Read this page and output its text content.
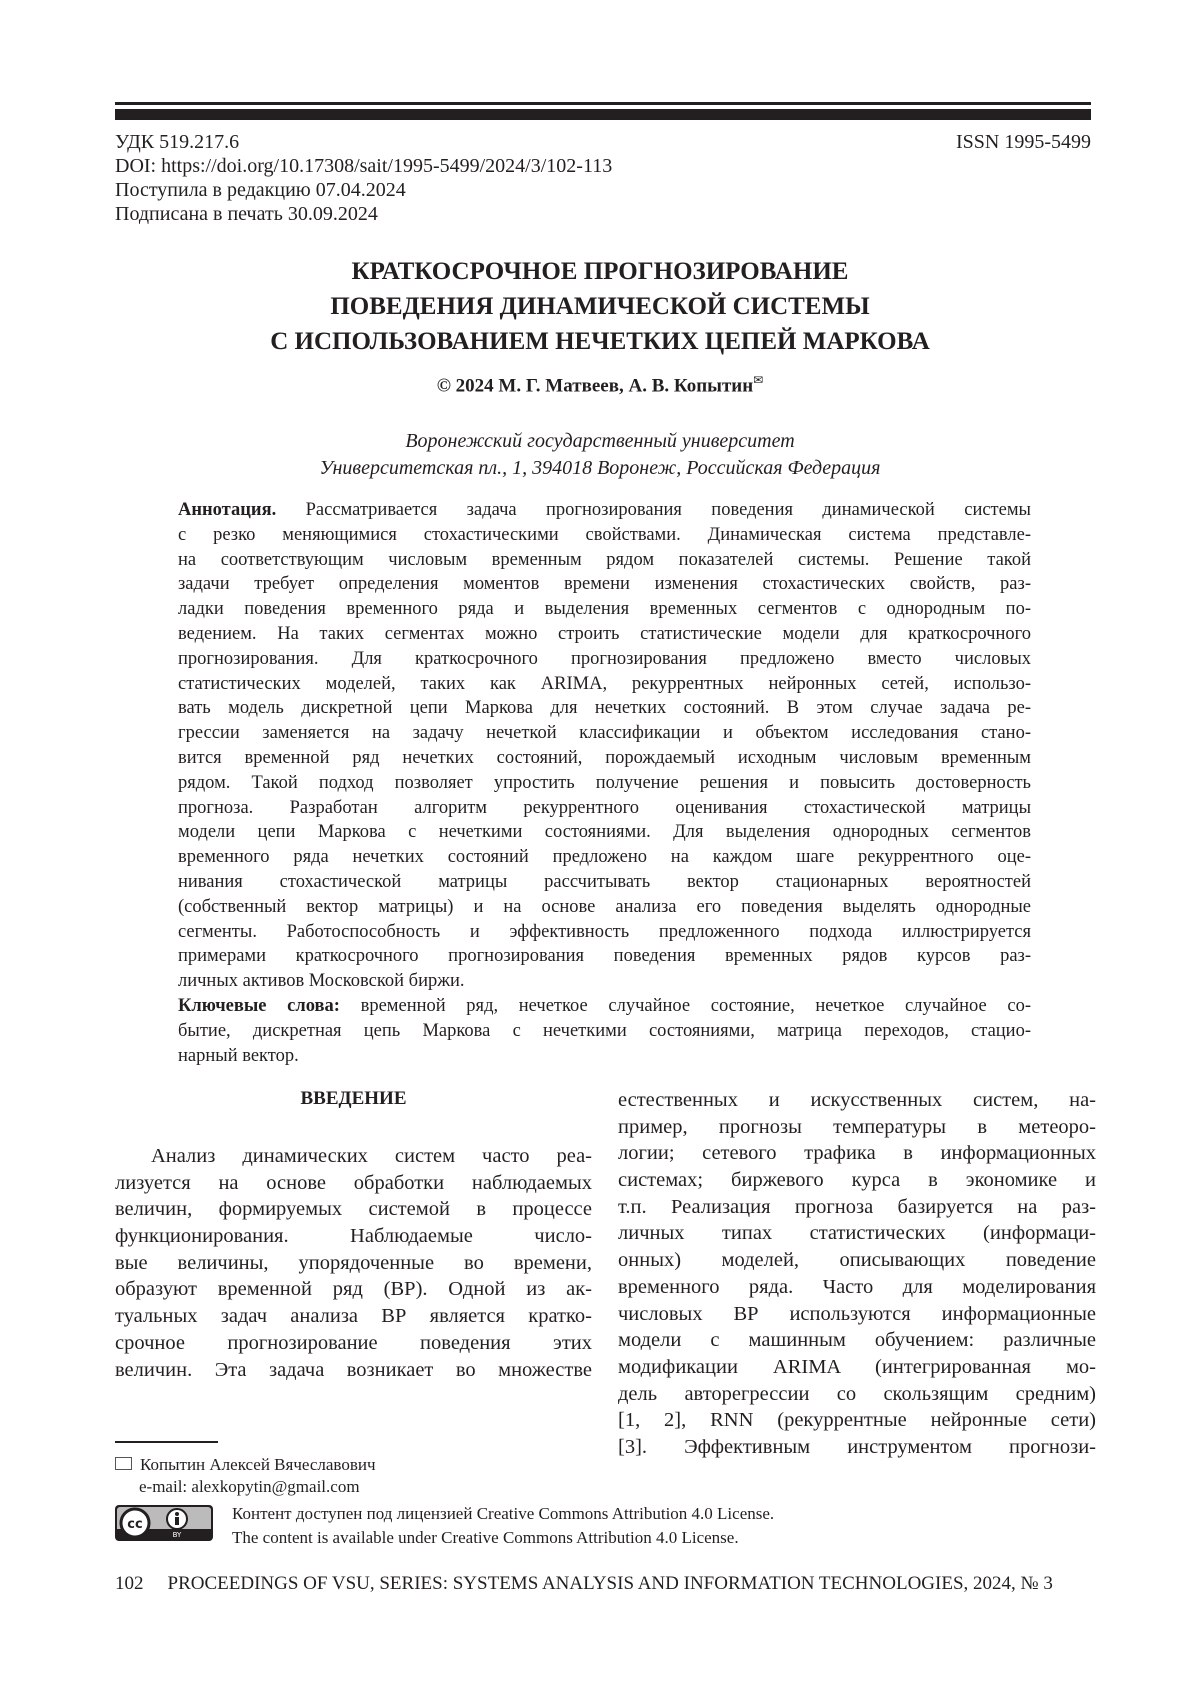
УДК 519.217.6
DOI: https://doi.org/10.17308/sait/1995-5499/2024/3/102-113
Поступила в редакцию 07.04.2024
Подписана в печать 30.09.2024
ISSN 1995-5499
КРАТКОСРОЧНОЕ ПРОГНОЗИРОВАНИЕ
ПОВЕДЕНИЯ ДИНАМИЧЕСКОЙ СИСТЕМЫ
С ИСПОЛЬЗОВАНИЕМ НЕЧЕТКИХ ЦЕПЕЙ МАРКОВА
© 2024 М. Г. Матвеев, А. В. Копытин✉
Воронежский государственный университет
Университетская пл., 1, 394018 Воронеж, Российская Федерация
Аннотация. Рассматривается задача прогнозирования поведения динамической системы
с резко меняющимися стохастическими свойствами. Динамическая система представле-
на соответствующим числовым временным рядом показателей системы. Решение такой
задачи требует определения моментов времени изменения стохастических свойств, раз-
ладки поведения временного ряда и выделения временных сегментов с однородным по-
ведением. На таких сегментах можно строить статистические модели для краткосрочного
прогнозирования. Для краткосрочного прогнозирования предложено вместо числовых
статистических моделей, таких как ARIMA, рекуррентных нейронных сетей, использо-
вать модель дискретной цепи Маркова для нечетких состояний. В этом случае задача ре-
грессии заменяется на задачу нечеткой классификации и объектом исследования стано-
вится временной ряд нечетких состояний, порождаемый исходным числовым временным
рядом. Такой подход позволяет упростить получение решения и повысить достоверность
прогноза. Разработан алгоритм рекуррентного оценивания стохастической матрицы
модели цепи Маркова с нечеткими состояниями. Для выделения однородных сегментов
временного ряда нечетких состояний предложено на каждом шаге рекуррентного оце-
нивания стохастической матрицы рассчитывать вектор стационарных вероятностей
(собственный вектор матрицы) и на основе анализа его поведения выделять однородные
сегменты. Работоспособность и эффективность предложенного подхода иллюстрируется
примерами краткосрочного прогнозирования поведения временных рядов курсов раз-
личных активов Московской биржи.
Ключевые слова: временной ряд, нечеткое случайное состояние, нечеткое случайное со-
бытие, дискретная цепь Маркова с нечеткими состояниями, матрица переходов, стацио-
нарный вектор.
ВВЕДЕНИЕ
Анализ динамических систем часто реа-
лизуется на основе обработки наблюдаемых
величин, формируемых системой в процессе
функционирования. Наблюдаемые число-
вые величины, упорядоченные во времени,
образуют временной ряд (ВР). Одной из ак-
туальных задач анализа ВР является кратко-
срочное прогнозирование поведения этих
величин. Эта задача возникает во множестве
естественных и искусственных систем, на-
пример, прогнозы температуры в метеоро-
логии; сетевого трафика в информационных
системах; биржевого курса в экономике и
т.п. Реализация прогноза базируется на раз-
личных типах статистических (информаци-
онных) моделей, описывающих поведение
временного ряда. Часто для моделирования
числовых ВР используются информационные
модели с машинным обучением: различные
модификации ARIMA (интегрированная мо-
дель авторегрессии со скользящим средним)
[1, 2], RNN (рекуррентные нейронные сети)
[3]. Эффективным инструментом прогнози-
Копытин Алексей Вячеславович
e-mail: alexkopytin@gmail.com
cc
BY
Контент доступен под лицензией Creative Commons Attribution 4.0 License.
The content is available under Creative Commons Attribution 4.0 License.
102 PROCEEDINGS OF VSU, SERIES: SYSTEMS ANALYSIS AND INFORMATION TECHNOLOGIES, 2024, № 3
